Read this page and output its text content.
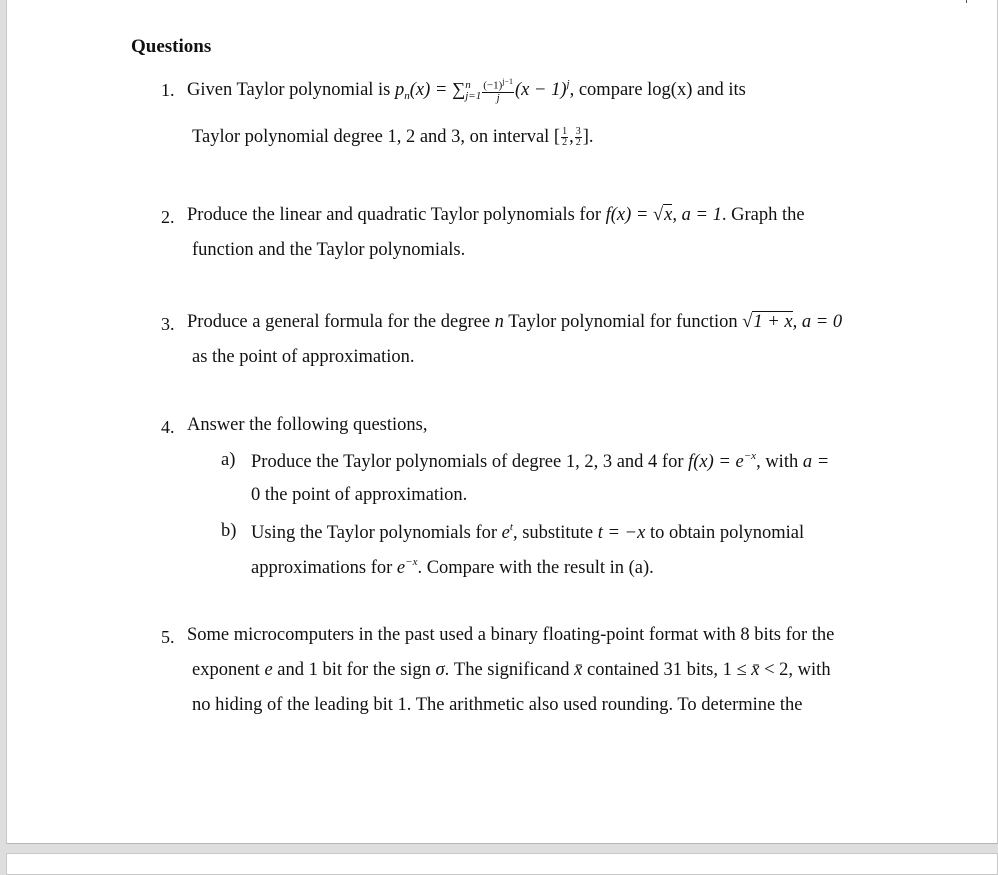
Questions
1. Given Taylor polynomial is $p_n(x)$ = ∑ n
$j=1 \frac{(-1)^{j-1}}{j} (x - 1)^j$, compare log(x) and its
Taylor polynomial degree 1, 2 and 3, on interval [ $\frac{1}{2}$ , $\frac{3}{2}$ ].
2. Produce the linear and quadratic Taylor polynomials for f(x) = √x, a = 1. Graph the
function and the Taylor polynomials.
3. Produce a general formula for the degree n Taylor polynomial for function √1 + x, a = 0
as the point of approximation.
4. Answer the following questions,
a) Produce the Taylor polynomials of degree 1, 2, 3 and 4 for $f(x) = e^{-x}$, with a =
0 the point of approximation.
b) Using the Taylor polynomials for $e^t$, substitute t = −x to obtain polynomial
approximations for $e^{-x}$. Compare with the result in (a).
5. Some microcomputers in the past used a binary floating-point format with 8 bits for the
exponent e and 1 bit for the sign σ. The significand x̄ contained 31 bits, 1 ≤ x̄ < 2, with
no hiding of the leading bit 1. The arithmetic also used rounding. To determine the
